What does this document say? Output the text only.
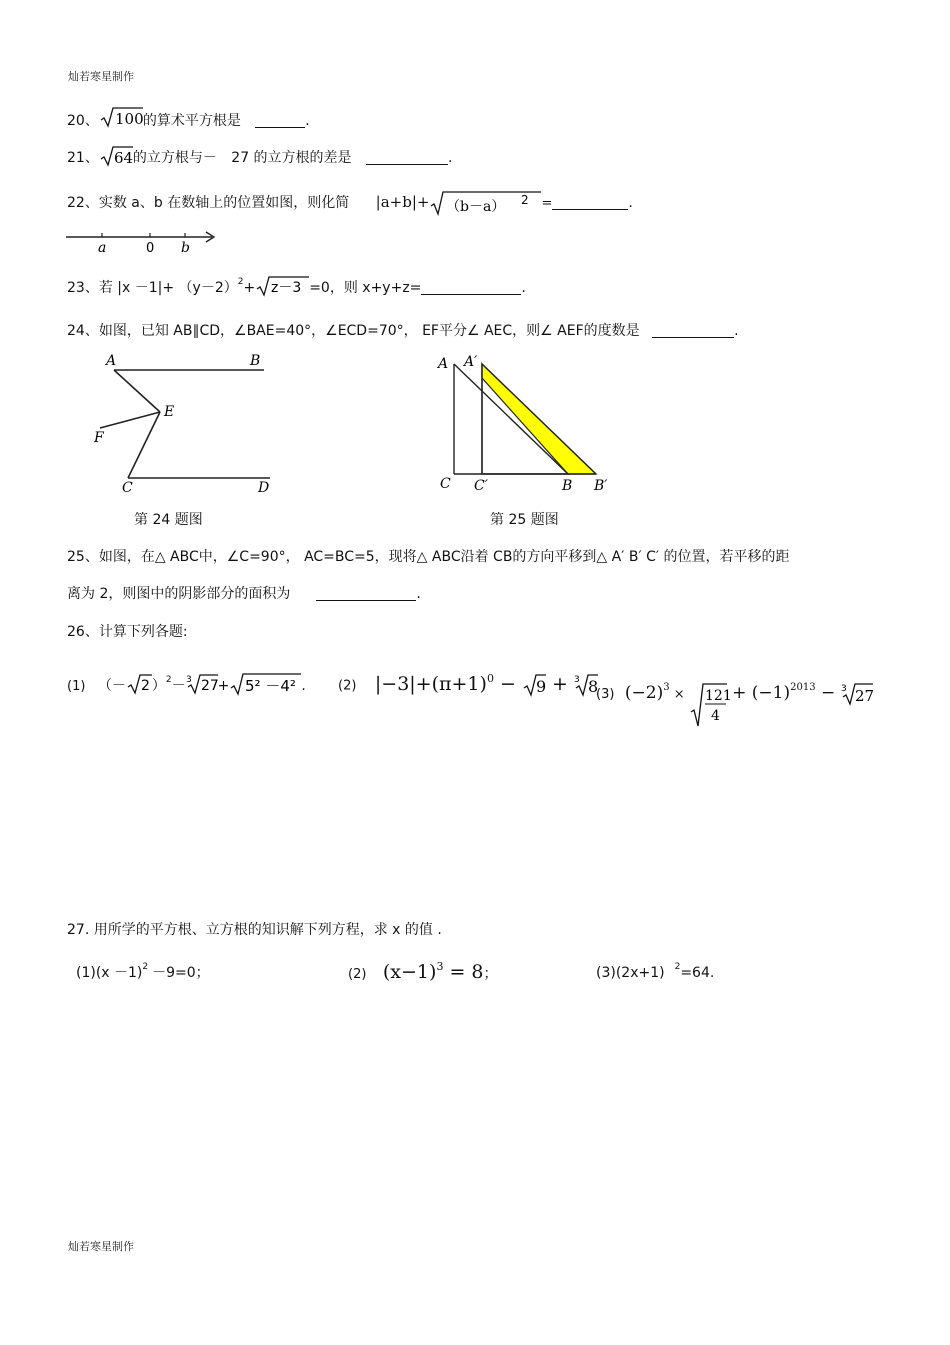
灿若寒星制作
20、 100 的算术平方根是	.
21、 64 的立方根与－ 27 的立方根的差是	.
22、实数 a、b 在数轴上的位置如图，则化简 |a+b|+ （b－a） 2 =	.
a	0 b
23、若 $|x -1|+ (y-2)^2+ z-3 =0$，则 x+y+z=	.
24、如图，已知 AB∥CD，∠BAE=40°，∠ECD=70°， EF平分∠ AEC，则∠ AEF的度数是	.
A	B
E
F
C	D
A A′
C C′	B B′
第 24 题图	第 25 题图
25、如图，在△ ABC中，∠C=90°， AC=BC=5，现将△ ABC沿着 CB的方向平移到△ A′ B′ C′ 的位置，若平移的距
离为 2，则图中的阴影部分的面积为	.
26、计算下列各题:
(1) （－ 2 ）$^2$－ 3 27 + 5² －4² . (2) $|-3|+(\pi+1)^0 - 9 + 3$ 8
(3) $(-2)^3 \times 121$
4
+ $(-1)^{2013} - 3$ 27
27. 用所学的平方根、立方根的知识解下列方程，求 x 的值 .
$(1)(x -1)^2 -9=0$；	(2) $(x-1)^3 = 8$；	(3)(2x+1) $^2$=64.
灿若寒星制作
